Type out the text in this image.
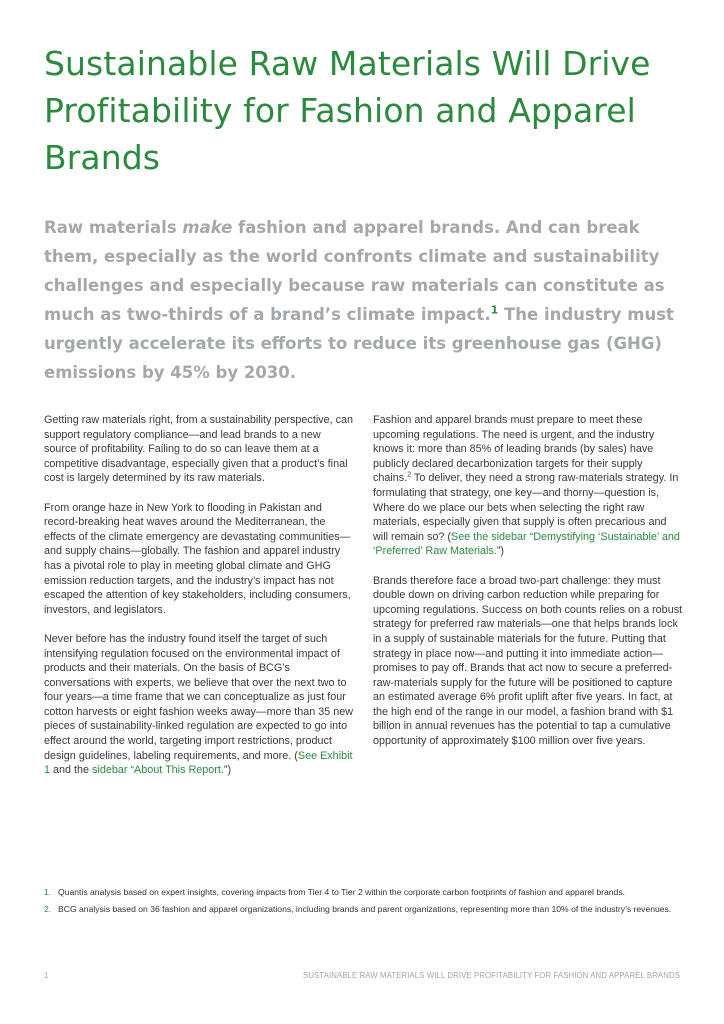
Sustainable Raw Materials Will Drive Profitability for Fashion and Apparel Brands

Raw materials make fashion and apparel brands. And can break them, especially as the world confronts climate and sustainability challenges and especially because raw materials can constitute as much as two-thirds of a brand’s climate impact.$^1$ The industry must urgently accelerate its efforts to reduce its greenhouse gas (GHG) emissions by 45% by 2030.

Getting raw materials right, from a sustainability perspective, can support regulatory compliance—and lead brands to a new source of profitability. Failing to do so can leave them at a competitive disadvantage, especially given that a product’s final cost is largely determined by its raw materials.

From orange haze in New York to flooding in Pakistan and record-breaking heat waves around the Mediterranean, the effects of the climate emergency are devastating communities—and supply chains—globally. The fashion and apparel industry has a pivotal role to play in meeting global climate and GHG emission reduction targets, and the industry’s impact has not escaped the attention of key stakeholders, including consumers, investors, and legislators.

Never before has the industry found itself the target of such intensifying regulation focused on the environmental impact of products and their materials. On the basis of BCG’s conversations with experts, we believe that over the next two to four years—a time frame that we can conceptualize as just four cotton harvests or eight fashion weeks away—more than 35 new pieces of sustainability-linked regulation are expected to go into effect around the world, targeting import restrictions, product design guidelines, labeling requirements, and more. (See Exhibit 1 and the sidebar “About This Report.”)

Fashion and apparel brands must prepare to meet these upcoming regulations. The need is urgent, and the industry knows it: more than 85% of leading brands (by sales) have publicly declared decarbonization targets for their supply chains.$^2$ To deliver, they need a strong raw-materials strategy. In formulating that strategy, one key—and thorny—question is, Where do we place our bets when selecting the right raw materials, especially given that supply is often precarious and will remain so? (See the sidebar “Demystifying ‘Sustainable’ and ‘Preferred’ Raw Materials.”)

Brands therefore face a broad two-part challenge: they must double down on driving carbon reduction while preparing for upcoming regulations. Success on both counts relies on a robust strategy for preferred raw materials—one that helps brands lock in a supply of sustainable materials for the future. Putting that strategy in place now—and putting it into immediate action—promises to pay off. Brands that act now to secure a preferred-raw-materials supply for the future will be positioned to capture an estimated average 6% profit uplift after five years. In fact, at the high end of the range in our model, a fashion brand with $1 billion in annual revenues has the potential to tap a cumulative opportunity of approximately $100 million over five years.

1. Quantis analysis based on expert insights, covering impacts from Tier 4 to Tier 2 within the corporate carbon footprints of fashion and apparel brands.
2. BCG analysis based on 36 fashion and apparel organizations, including brands and parent organizations, representing more than 10% of the industry’s revenues.
1	SUSTAINABLE RAW MATERIALS WILL DRIVE PROFITABILITY FOR FASHION AND APPAREL BRANDS
